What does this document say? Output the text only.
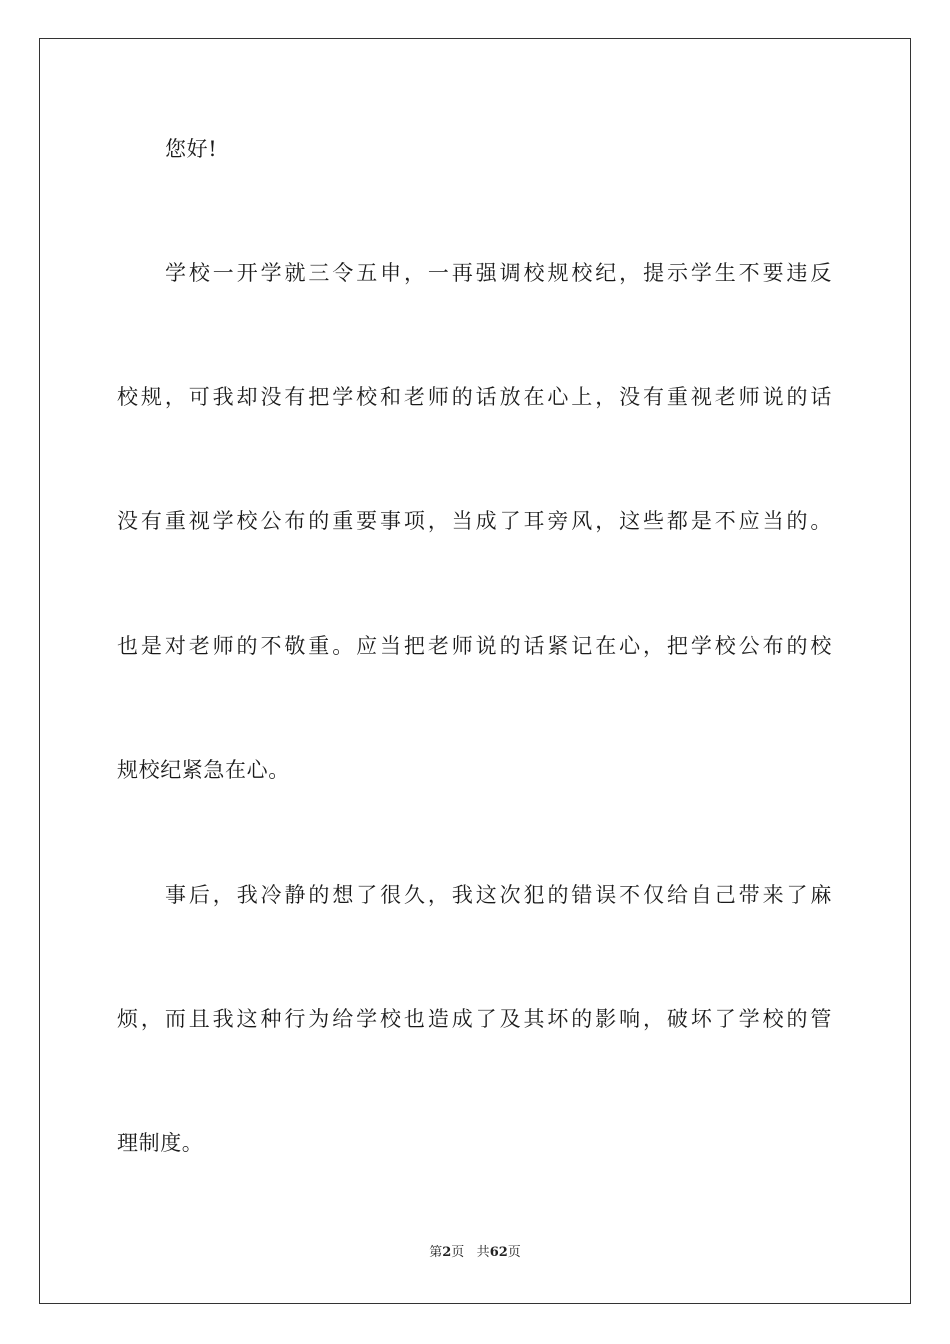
您好!
学校一开学就三令五申，一再强调校规校纪，提示学生不要违反
校规，可我却没有把学校和老师的话放在心上，没有重视老师说的话
没有重视学校公布的重要事项，当成了耳旁风，这些都是不应当的。
也是对老师的不敬重。应当把老师说的话紧记在心，把学校公布的校
规校纪紧急在心。
事后，我冷静的想了很久，我这次犯的错误不仅给自己带来了麻
烦，而且我这种行为给学校也造成了及其坏的影响，破坏了学校的管
理制度。
第2页 共62页
